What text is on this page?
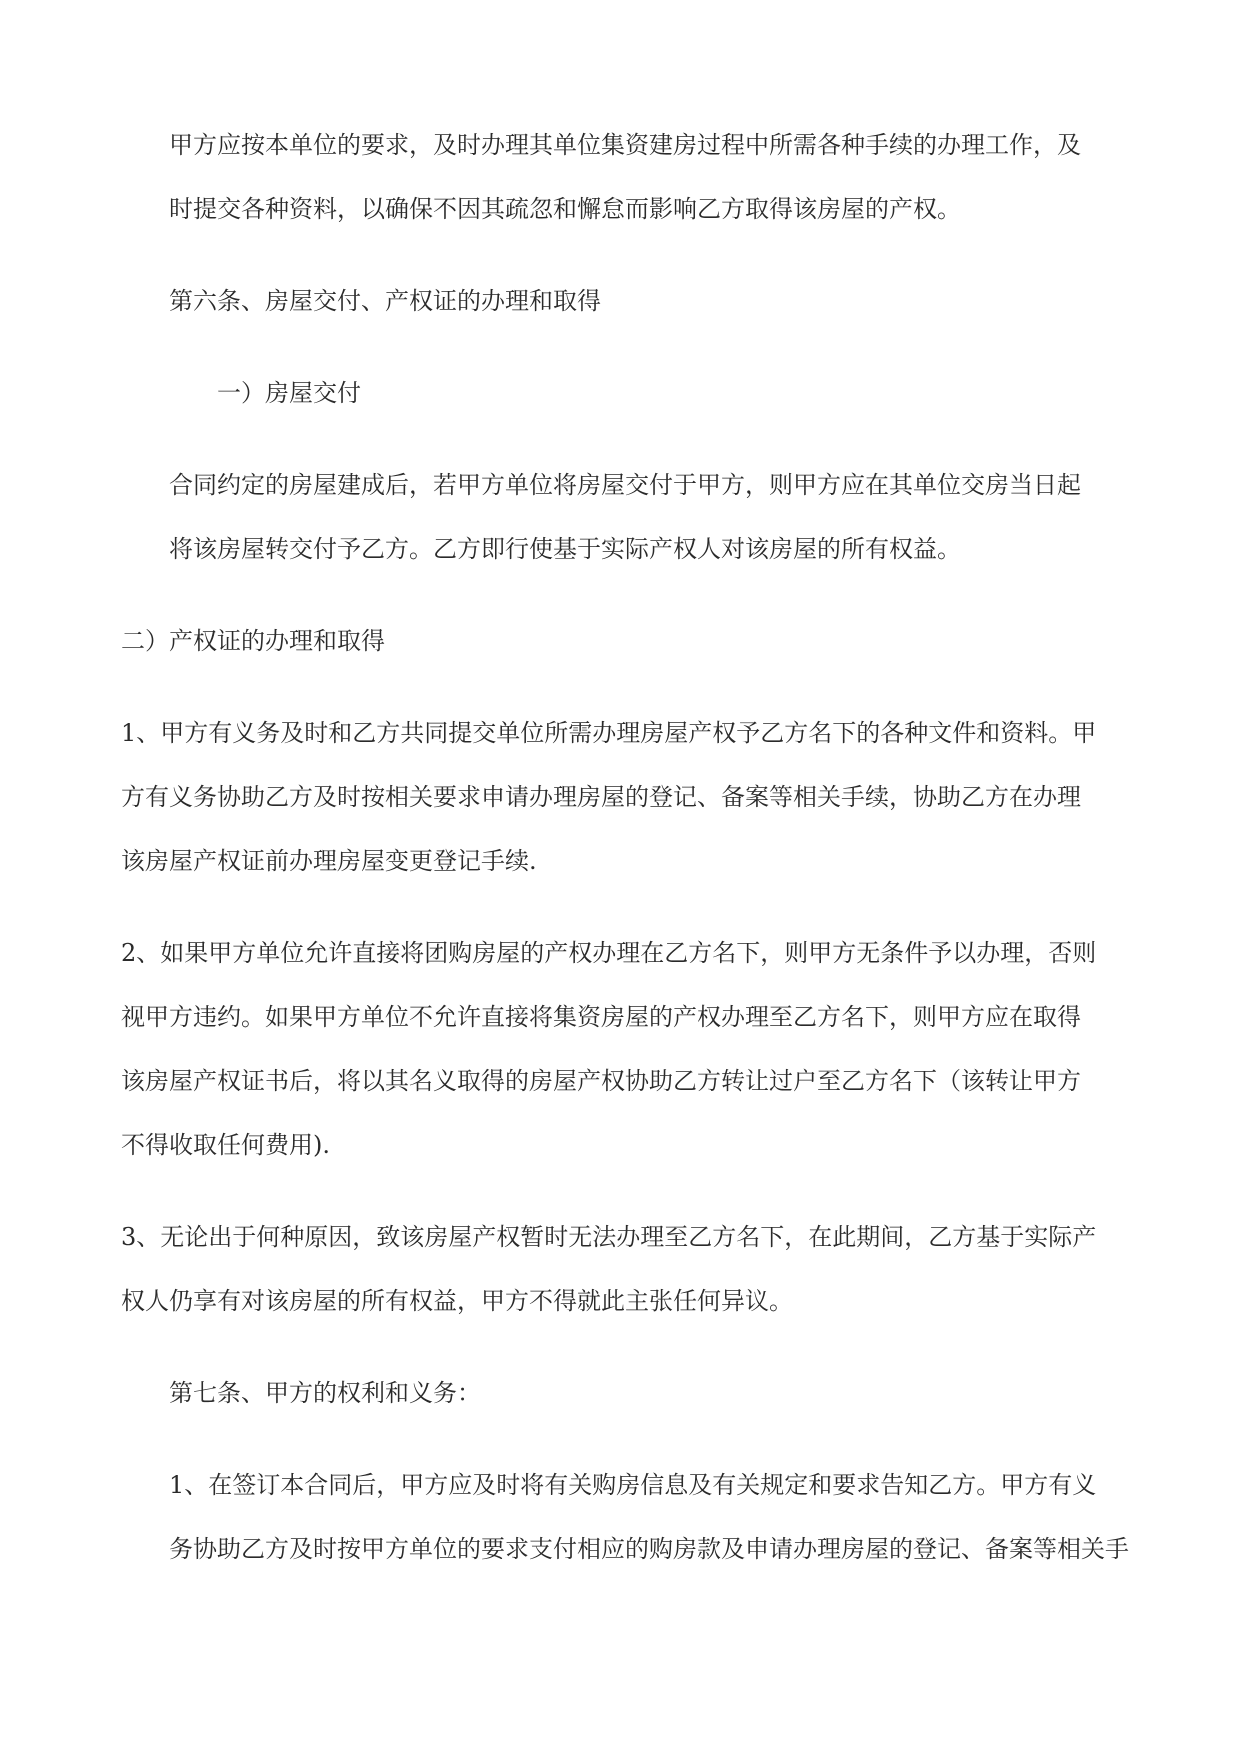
甲方应按本单位的要求，及时办理其单位集资建房过程中所需各种手续的办理工作，及
时提交各种资料，以确保不因其疏忽和懈怠而影响乙方取得该房屋的产权。

第六条、房屋交付、产权证的办理和取得

一）房屋交付

合同约定的房屋建成后，若甲方单位将房屋交付于甲方，则甲方应在其单位交房当日起
将该房屋转交付予乙方。乙方即行使基于实际产权人对该房屋的所有权益。

二）产权证的办理和取得

1、甲方有义务及时和乙方共同提交单位所需办理房屋产权予乙方名下的各种文件和资料。甲
方有义务协助乙方及时按相关要求申请办理房屋的登记、备案等相关手续，协助乙方在办理
该房屋产权证前办理房屋变更登记手续.

2、如果甲方单位允许直接将团购房屋的产权办理在乙方名下，则甲方无条件予以办理，否则
视甲方违约。如果甲方单位不允许直接将集资房屋的产权办理至乙方名下，则甲方应在取得
该房屋产权证书后，将以其名义取得的房屋产权协助乙方转让过户至乙方名下（该转让甲方
不得收取任何费用).

3、无论出于何种原因，致该房屋产权暂时无法办理至乙方名下，在此期间，乙方基于实际产
权人仍享有对该房屋的所有权益，甲方不得就此主张任何异议。

第七条、甲方的权利和义务：

1、在签订本合同后，甲方应及时将有关购房信息及有关规定和要求告知乙方。甲方有义
务协助乙方及时按甲方单位的要求支付相应的购房款及申请办理房屋的登记、备案等相关手
